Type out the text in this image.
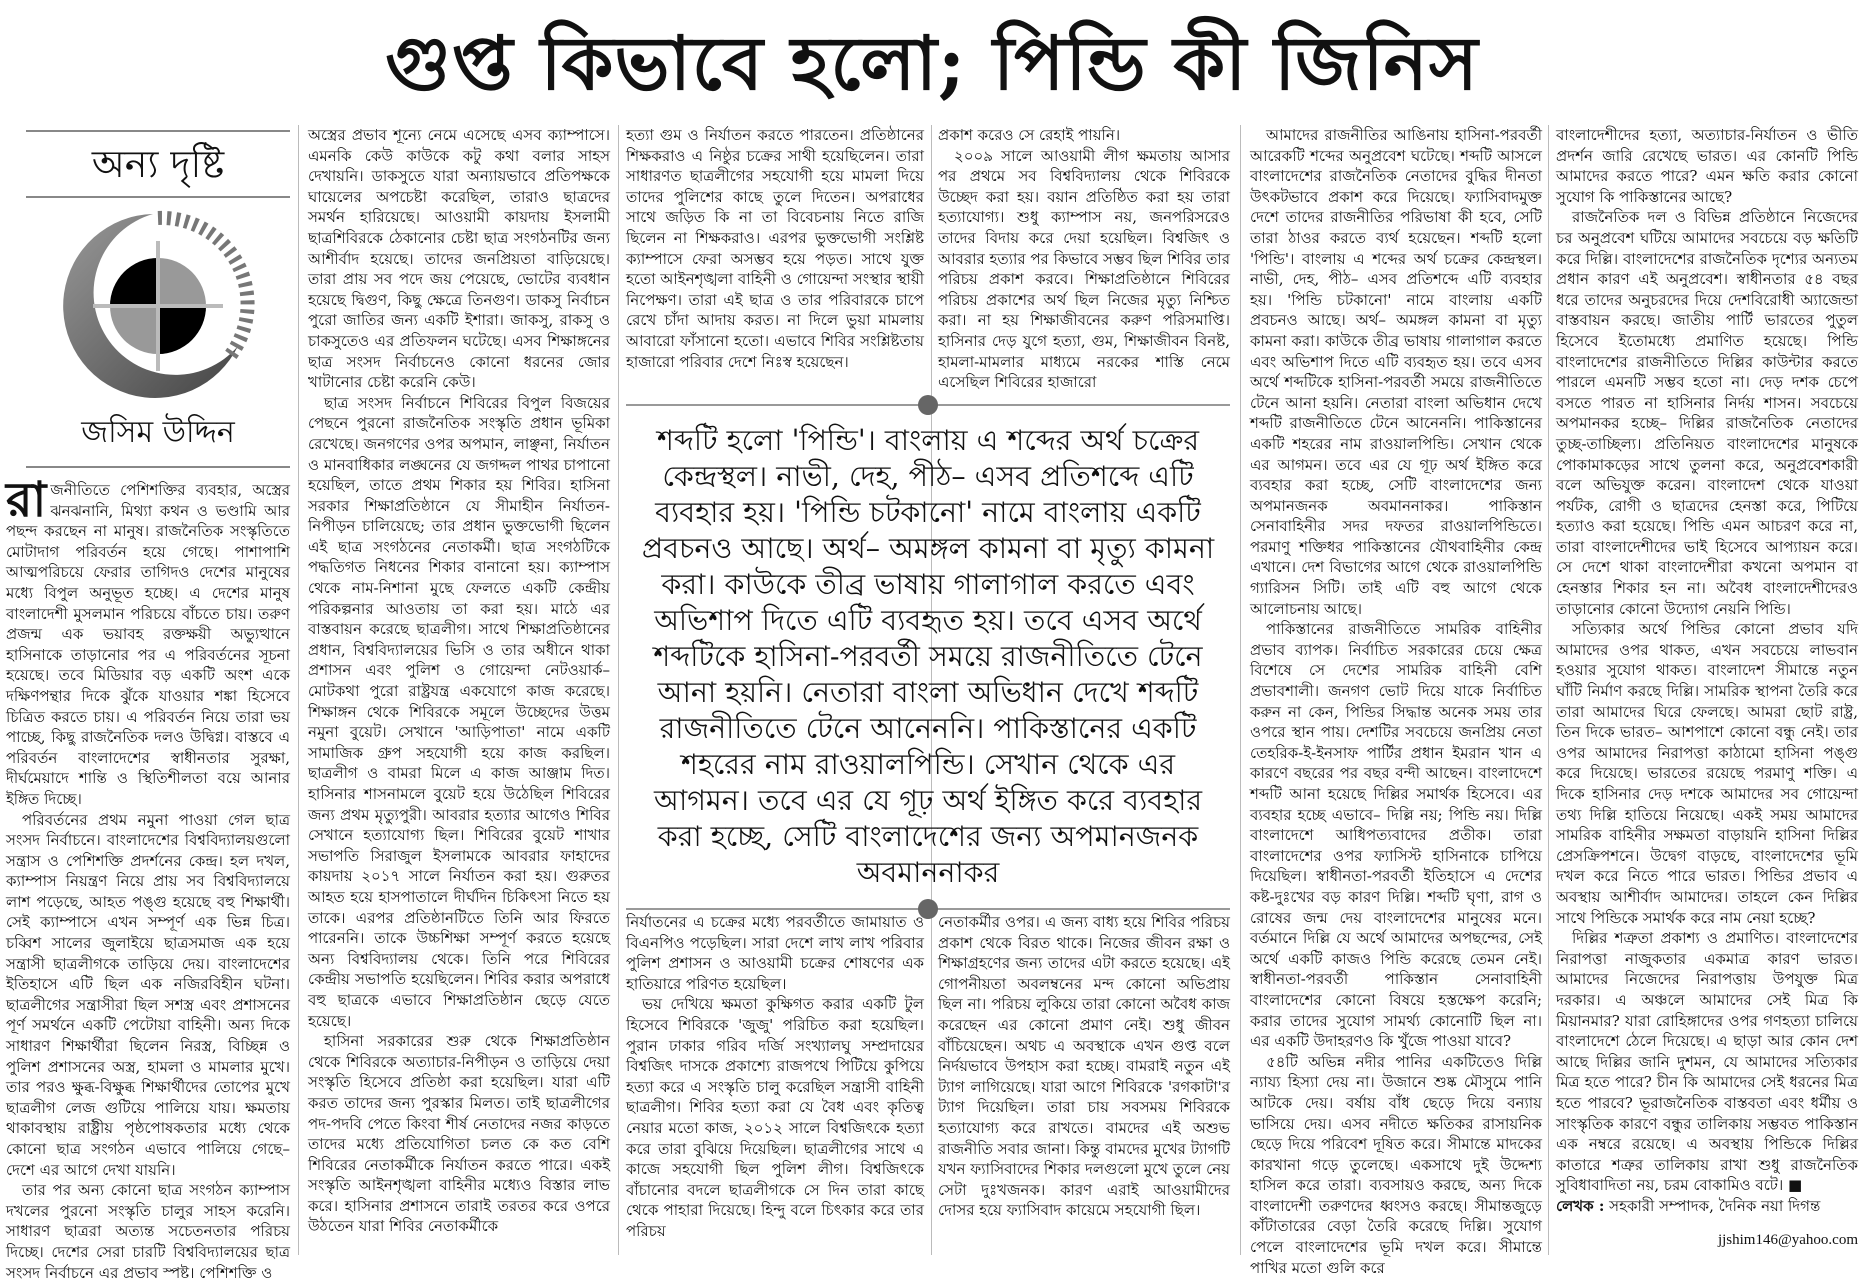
গুপ্ত কিভাবে হলো; পিন্ডি কী জিনিস
অন্য দৃষ্টি
জসিম উদ্দিন

রাজনীতিতে পেশিশক্তির ব্যবহার, অস্ত্রের ঝনঝনানি, মিথ্যা কথন ও ভণ্ডামি আর পছন্দ করছেন না মানুষ। রাজনৈতিক সংস্কৃতিতে মোটাদাগ পরিবর্তন হয়ে গেছে। পাশাপাশি আত্মপরিচয়ে ফেরার তাগিদও দেশের মানুষের মধ্যে বিপুল অনুভূত হচ্ছে। এ দেশের মানুষ বাংলাদেশী মুসলমান পরিচয়ে বাঁচতে চায়। তরুণ প্রজন্ম এক ভয়াবহ রক্তক্ষয়ী অভ্যুত্থানে হাসিনাকে তাড়ানোর পর এ পরিবর্তনের সূচনা হয়েছে। তবে মিডিয়ার বড় একটি অংশ একে দক্ষিণপন্থার দিকে ঝুঁকে যাওয়ার শঙ্কা হিসেবে চিত্রিত করতে চায়। এ পরিবর্তন নিয়ে তারা ভয় পাচ্ছে, কিছু রাজনৈতিক দলও উদ্বিগ্ন। বাস্তবে এ পরিবর্তন বাংলাদেশের স্বাধীনতার সুরক্ষা, দীর্ঘমেয়াদে শান্তি ও স্থিতিশীলতা বয়ে আনার ইঙ্গিত দিচ্ছে।

পরিবর্তনের প্রথম নমুনা পাওয়া গেল ছাত্র সংসদ নির্বাচনে। বাংলাদেশের বিশ্ববিদ্যালয়গুলো সন্ত্রাস ও পেশিশক্তি প্রদর্শনের কেন্দ্র। হল দখল, ক্যাম্পাস নিয়ন্ত্রণ নিয়ে প্রায় সব বিশ্ববিদ্যালয়ে লাশ পড়েছে, আহত পঙ্গু হয়েছে বহু শিক্ষার্থী। সেই ক্যাম্পাসে এখন সম্পূর্ণ এক ভিন্ন চিত্র। চব্বিশ সালের জুলাইয়ে ছাত্রসমাজ এক হয়ে সন্ত্রাসী ছাত্রলীগকে তাড়িয়ে দেয়। বাংলাদেশের ইতিহাসে এটি ছিল এক নজিরবিহীন ঘটনা। ছাত্রলীগের সন্ত্রাসীরা ছিল সশস্ত্র এবং প্রশাসনের পূর্ণ সমর্থনে একটি পেটোয়া বাহিনী। অন্য দিকে সাধারণ শিক্ষার্থীরা ছিলেন নিরস্ত্র, বিচ্ছিন্ন ও পুলিশ প্রশাসনের অস্ত্র, হামলা ও মামলার মুখে। তার পরও ক্ষুব্ধ-বিক্ষুব্ধ শিক্ষার্থীদের তোপের মুখে ছাত্রলীগ লেজ গুটিয়ে পালিয়ে যায়। ক্ষমতায় থাকাবস্থায় রাষ্ট্রীয় পৃষ্ঠপোষকতার মধ্যে থেকে কোনো ছাত্র সংগঠন এভাবে পালিয়ে গেছে– দেশে এর আগে দেখা যায়নি।

তার পর অন্য কোনো ছাত্র সংগঠন ক্যাম্পাস দখলের পুরনো সংস্কৃতি চালুর সাহস করেনি। সাধারণ ছাত্ররা অত্যন্ত সচেতনতার পরিচয় দিচ্ছে। দেশের সেরা চারটি বিশ্ববিদ্যালয়ের ছাত্র সংসদ নির্বাচনে এর প্রভাব স্পষ্ট। পেশিশক্তি ও

অস্ত্রের প্রভাব শূন্যে নেমে এসেছে এসব ক্যাম্পাসে। এমনকি কেউ কাউকে কটু কথা বলার সাহস দেখায়নি। ডাকসুতে যারা অন্যায়ভাবে প্রতিপক্ষকে ঘায়েলের অপচেষ্টা করেছিল, তারাও ছাত্রদের সমর্থন হারিয়েছে। আওয়ামী কায়দায় ইসলামী ছাত্রশিবিরকে ঠেকানোর চেষ্টা ছাত্র সংগঠনটির জন্য আশীর্বাদ হয়েছে। তাদের জনপ্রিয়তা বাড়িয়েছে। তারা প্রায় সব পদে জয় পেয়েছে, ভোটের ব্যবধান হয়েছে দ্বিগুণ, কিছু ক্ষেত্রে তিনগুণ। ডাকসু নির্বাচন পুরো জাতির জন্য একটি ইশারা। জাকসু, রাকসু ও চাকসুতেও এর প্রতিফলন ঘটেছে। এসব শিক্ষাঙ্গনের ছাত্র সংসদ নির্বাচনেও কোনো ধরনের জোর খাটানোর চেষ্টা করেনি কেউ।

ছাত্র সংসদ নির্বাচনে শিবিরের বিপুল বিজয়ের পেছনে পুরনো রাজনৈতিক সংস্কৃতি প্রধান ভূমিকা রেখেছে। জনগণের ওপর অপমান, লাঞ্ছনা, নির্যাতন ও মানবাধিকার লঙ্ঘনের যে জগদ্দল পাথর চাপানো হয়েছিল, তাতে প্রথম শিকার হয় শিবির। হাসিনা সরকার শিক্ষাপ্রতিষ্ঠানে যে সীমাহীন নির্যাতন-নিপীড়ন চালিয়েছে; তার প্রধান ভুক্তভোগী ছিলেন এই ছাত্র সংগঠনের নেতাকর্মী। ছাত্র সংগঠটিকে পদ্ধতিগত নিধনের শিকার বানানো হয়। ক্যাম্পাস থেকে নাম-নিশানা মুছে ফেলতে একটি কেন্দ্রীয় পরিকল্পনার আওতায় তা করা হয়। মাঠে এর বাস্তবায়ন করেছে ছাত্রলীগ। সাথে শিক্ষাপ্রতিষ্ঠানের প্রধান, বিশ্ববিদ্যালয়ের ভিসি ও তার অধীনে থাকা প্রশাসন এবং পুলিশ ও গোয়েন্দা নেটওয়ার্ক– মোটকথা পুরো রাষ্ট্রযন্ত্র একযোগে কাজ করেছে। শিক্ষাঙ্গন থেকে শিবিরকে সমূলে উচ্ছেদের উত্তম নমুনা বুয়েট। সেখানে 'আড়িপাতা' নামে একটি সামাজিক গ্রুপ সহযোগী হয়ে কাজ করছিল। ছাত্রলীগ ও বামরা মিলে এ কাজ আঞ্জাম দিত। হাসিনার শাসনামলে বুয়েট হয়ে উঠেছিল শিবিরের জন্য প্রথম মৃত্যুপুরী। আবরার হত্যার আগেও শিবির সেখানে হত্যাযোগ্য ছিল। শিবিরের বুয়েট শাখার সভাপতি সিরাজুল ইসলামকে আবরার ফাহাদের কায়দায় ২০১৭ সালে নির্যাতন করা হয়। গুরুতর আহত হয়ে হাসপাতালে দীর্ঘদিন চিকিৎসা নিতে হয় তাকে। এরপর প্রতিষ্ঠানটিতে তিনি আর ফিরতে পারেননি। তাকে উচ্চশিক্ষা সম্পূর্ণ করতে হয়েছে অন্য বিশ্ববিদ্যালয় থেকে। তিনি পরে শিবিরের কেন্দ্রীয় সভাপতি হয়েছিলেন। শিবির করার অপরাধে বহু ছাত্রকে এভাবে শিক্ষাপ্রতিষ্ঠান ছেড়ে যেতে হয়েছে।

হাসিনা সরকারের শুরু থেকে শিক্ষাপ্রতিষ্ঠান থেকে শিবিরকে অত্যাচার-নিপীড়ন ও তাড়িয়ে দেয়া সংস্কৃতি হিসেবে প্রতিষ্ঠা করা হয়েছিল। যারা এটি করত তাদের জন্য পুরস্কার মিলত। তাই ছাত্রলীগের পদ-পদবি পেতে কিংবা শীর্ষ নেতাদের নজর কাড়তে তাদের মধ্যে প্রতিযোগিতা চলত কে কত বেশি শিবিরের নেতাকর্মীকে নির্যাতন করতে পারে। একই সংস্কৃতি আইনশৃঙ্খলা বাহিনীর মধ্যেও বিস্তার লাভ করে। হাসিনার প্রশাসনে তারাই তরতর করে ওপরে উঠতেন যারা শিবির নেতাকর্মীকে

হত্যা গুম ও নির্যাতন করতে পারতেন। প্রতিষ্ঠানের শিক্ষকরাও এ নিষ্ঠুর চক্রের সাথী হয়েছিলেন। তারা সাধারণত ছাত্রলীগের সহযোগী হয়ে মামলা দিয়ে তাদের পুলিশের কাছে তুলে দিতেন। অপরাধের সাথে জড়িত কি না তা বিবেচনায় নিতে রাজি ছিলেন না শিক্ষকরাও। এরপর ভুক্তভোগী সংশ্লিষ্ট ক্যাম্পাসে ফেরা অসম্ভব হয়ে পড়ত। সাথে যুক্ত হতো আইনশৃঙ্খলা বাহিনী ও গোয়েন্দা সংস্থার স্থায়ী নিপেক্ষণ। তারা এই ছাত্র ও তার পরিবারকে চাপে রেখে চাঁদা আদায় করত। না দিলে ভুয়া মামলায় আবারো ফাঁসানো হতো। এভাবে শিবির সংশ্লিষ্টতায় হাজারো পরিবার দেশে নিঃস্ব হয়েছেন।

প্রকাশ করেও সে রেহাই পায়নি।

২০০৯ সালে আওয়ামী লীগ ক্ষমতায় আসার পর প্রথমে সব বিশ্ববিদ্যালয় থেকে শিবিরকে উচ্ছেদ করা হয়। বয়ান প্রতিষ্ঠিত করা হয় তারা হত্যাযোগ্য। শুধু ক্যাম্পাস নয়, জনপরিসরেও তাদের বিদায় করে দেয়া হয়েছিল। বিশ্বজিৎ ও আবরার হত্যার পর কিভাবে সম্ভব ছিল শিবির তার পরিচয় প্রকাশ করবে। শিক্ষাপ্রতিষ্ঠানে শিবিরের পরিচয় প্রকাশের অর্থ ছিল নিজের মৃত্যু নিশ্চিত করা। না হয় শিক্ষাজীবনের করুণ পরিসমাপ্তি। হাসিনার দেড় যুগে হত্যা, গুম, শিক্ষাজীবন বিনষ্ট, হামলা-মামলার মাধ্যমে নরকের শাস্তি নেমে এসেছিল শিবিরের হাজারো

শব্দটি হলো 'পিন্ডি'। বাংলায় এ শব্দের অর্থ চক্রের কেন্দ্রস্থল। নাভী, দেহ, পীঠ– এসব প্রতিশব্দে এটি ব্যবহার হয়। 'পিন্ডি চটকানো' নামে বাংলায় একটি প্রবচনও আছে। অর্থ– অমঙ্গল কামনা বা মৃত্যু কামনা করা। কাউকে তীব্র ভাষায় গালাগাল করতে এবং অভিশাপ দিতে এটি ব্যবহৃত হয়। তবে এসব অর্থে শব্দটিকে হাসিনা-পরবর্তী সময়ে রাজনীতিতে টেনে আনা হয়নি। নেতারা বাংলা অভিধান দেখে শব্দটি রাজনীতিতে টেনে আনেননি। পাকিস্তানের একটি শহরের নাম রাওয়ালপিন্ডি। সেখান থেকে এর আগমন। তবে এর যে গূঢ় অর্থ ইঙ্গিত করে ব্যবহার করা হচ্ছে, সেটি বাংলাদেশের জন্য অপমানজনক অবমাননাকর

নির্যাতনের এ চক্রের মধ্যে পরবর্তীতে জামায়াত ও বিএনপিও পড়েছিল। সারা দেশে লাখ লাখ পরিবার পুলিশ প্রশাসন ও আওয়ামী চক্রের শোষণের এক হাতিয়ারে পরিণত হয়েছিল।

ভয় দেখিয়ে ক্ষমতা কুক্ষিগত করার একটি টুল হিসেবে শিবিরকে 'জুজু' পরিচিত করা হয়েছিল। পুরান ঢাকার গরিব দর্জি সংখ্যালঘু সম্প্রদায়ের বিশ্বজিৎ দাসকে প্রকাশ্যে রাজপথে পিটিয়ে কুপিয়ে হত্যা করে এ সংস্কৃতি চালু করেছিল সন্ত্রাসী বাহিনী ছাত্রলীগ। শিবির হত্যা করা যে বৈধ এবং কৃতিত্ব নেয়ার মতো কাজ, ২০১২ সালে বিশ্বজিৎকে হত্যা করে তারা বুঝিয়ে দিয়েছিল। ছাত্রলীগের সাথে এ কাজে সহযোগী ছিল পুলিশ লীগ। বিশ্বজিৎকে বাঁচানোর বদলে ছাত্রলীগকে সে দিন তারা কাছে থেকে পাহারা দিয়েছে। হিন্দু বলে চিৎকার করে তার পরিচয়

নেতাকর্মীর ওপর। এ জন্য বাধ্য হয়ে শিবির পরিচয় প্রকাশ থেকে বিরত থাকে। নিজের জীবন রক্ষা ও শিক্ষাগ্রহণের জন্য তাদের এটা করতে হয়েছে। এই গোপনীয়তা অবলম্বনের মন্দ কোনো অভিপ্রায় ছিল না। পরিচয় লুকিয়ে তারা কোনো অবৈধ কাজ করেছেন এর কোনো প্রমাণ নেই। শুধু জীবন বাঁচিয়েছেন। অথচ এ অবস্থাকে এখন গুপ্ত বলে নির্দয়ভাবে উপহাস করা হচ্ছে। বামরাই নতুন এই ট্যাগ লাগিয়েছে। যারা আগে শিবিরকে 'রগকাটা'র ট্যাগ দিয়েছিল। তারা চায় সবসময় শিবিরকে হত্যাযোগ্য করে রাখতে। বামদের এই অশুভ রাজনীতি সবার জানা। কিন্তু বামদের মুখের ট্যাগটি যখন ফ্যাসিবাদের শিকার দলগুলো মুখে তুলে নেয় সেটা দুঃখজনক। কারণ এরাই আওয়ামীদের দোসর হয়ে ফ্যাসিবাদ কায়েমে সহযোগী ছিল।

আমাদের রাজনীতির আঙিনায় হাসিনা-পরবর্তী আরেকটি শব্দের অনুপ্রবেশ ঘটেছে। শব্দটি আসলে বাংলাদেশের রাজনৈতিক নেতাদের বুদ্ধির দীনতা উৎকটভাবে প্রকাশ করে দিয়েছে। ফ্যাসিবাদমুক্ত দেশে তাদের রাজনীতির পরিভাষা কী হবে, সেটি তারা ঠাওর করতে ব্যর্থ হয়েছেন। শব্দটি হলো 'পিন্ডি'। বাংলায় এ শব্দের অর্থ চক্রের কেন্দ্রস্থল। নাভী, দেহ, পীঠ– এসব প্রতিশব্দে এটি ব্যবহার হয়। 'পিন্ডি চটকানো' নামে বাংলায় একটি প্রবচনও আছে। অর্থ– অমঙ্গল কামনা বা মৃত্যু কামনা করা। কাউকে তীব্র ভাষায় গালাগাল করতে এবং অভিশাপ দিতে এটি ব্যবহৃত হয়। তবে এসব অর্থে শব্দটিকে হাসিনা-পরবর্তী সময়ে রাজনীতিতে টেনে আনা হয়নি। নেতারা বাংলা অভিধান দেখে শব্দটি রাজনীতিতে টেনে আনেননি। পাকিস্তানের একটি শহরের নাম রাওয়ালপিন্ডি। সেখান থেকে এর আগমন। তবে এর যে গূঢ় অর্থ ইঙ্গিত করে ব্যবহার করা হচ্ছে, সেটি বাংলাদেশের জন্য অপমানজনক অবমাননাকর। পাকিস্তান সেনাবাহিনীর সদর দফতর রাওয়ালপিন্ডিতে। পরমাণু শক্তিধর পাকিস্তানের যৌথবাহিনীর কেন্দ্র এখানে। দেশ বিভাগের আগে থেকে রাওয়ালপিন্ডি গ্যারিসন সিটি। তাই এটি বহু আগে থেকে আলোচনায় আছে।

পাকিস্তানের রাজনীতিতে সামরিক বাহিনীর প্রভাব ব্যাপক। নির্বাচিত সরকারের চেয়ে ক্ষেত্র বিশেষে সে দেশের সামরিক বাহিনী বেশি প্রভাবশালী। জনগণ ভোট দিয়ে যাকে নির্বাচিত করুন না কেন, পিন্ডির সিদ্ধান্ত অনেক সময় তার ওপরে স্থান পায়। দেশটির সবচেয়ে জনপ্রিয় নেতা তেহরিক-ই-ইনসাফ পার্টির প্রধান ইমরান খান এ কারণে বছরের পর বছর বন্দী আছেন। বাংলাদেশে শব্দটি আনা হয়েছে দিল্লির সমার্থক হিসেবে। এর ব্যবহার হচ্ছে এভাবে– দিল্লি নয়; পিন্ডি নয়। দিল্লি বাংলাদেশে আধিপত্যবাদের প্রতীক। তারা বাংলাদেশের ওপর ফ্যাসিস্ট হাসিনাকে চাপিয়ে দিয়েছিল। স্বাধীনতা-পরবর্তী ইতিহাসে এ দেশের কষ্ট-দুঃখের বড় কারণ দিল্লি। শব্দটি ঘৃণা, রাগ ও রোষের জন্ম দেয় বাংলাদেশের মানুষের মনে। বর্তমানে দিল্লি যে অর্থে আমাদের অপছন্দের, সেই অর্থে একটি কাজও পিন্ডি করেছে তেমন নেই। স্বাধীনতা-পরবর্তী পাকিস্তান সেনাবাহিনী বাংলাদেশের কোনো বিষয়ে হস্তক্ষেপ করেনি; করার তাদের সুযোগ সামর্থ্য কোনোটি ছিল না। এর একটি উদাহরণও কি খুঁজে পাওয়া যাবে?

৫৪টি অভিন্ন নদীর পানির একটিতেও দিল্লি ন্যায্য হিস্যা দেয় না। উজানে শুষ্ক মৌসুমে পানি আটকে দেয়। বর্ষায় বাঁধ ছেড়ে দিয়ে বন্যায় ভাসিয়ে দেয়। এসব নদীতে ক্ষতিকর রাসায়নিক ছেড়ে দিয়ে পরিবেশ দূষিত করে। সীমান্তে মাদকের কারখানা গড়ে তুলেছে। একসাথে দুই উদ্দেশ্য হাসিল করে তারা। ব্যবসায়ও করছে, অন্য দিকে বাংলাদেশী তরুণদের ধ্বংসও করছে। সীমান্তজুড়ে কাঁটাতারের বেড়া তৈরি করেছে দিল্লি। সুযোগ পেলে বাংলাদেশের ভূমি দখল করে। সীমান্তে পাখির মতো গুলি করে

বাংলাদেশীদের হত্যা, অত্যাচার-নির্যাতন ও ভীতি প্রদর্শন জারি রেখেছে ভারত। এর কোনটি পিন্ডি আমাদের করতে পারে? এমন ক্ষতি করার কোনো সুযোগ কি পাকিস্তানের আছে?

রাজনৈতিক দল ও বিভিন্ন প্রতিষ্ঠানে নিজেদের চর অনুপ্রবেশ ঘটিয়ে আমাদের সবচেয়ে বড় ক্ষতিটি করে দিল্লি। বাংলাদেশের রাজনৈতিক দৃশ্যের অন্যতম প্রধান কারণ এই অনুপ্রবেশ। স্বাধীনতার ৫৪ বছর ধরে তাদের অনুচরদের দিয়ে দেশবিরোধী অ্যাজেন্ডা বাস্তবায়ন করছে। জাতীয় পার্টি ভারতের পুতুল হিসেবে ইতোমধ্যে প্রমাণিত হয়েছে। পিন্ডি বাংলাদেশের রাজনীতিতে দিল্লির কাউন্টার করতে পারলে এমনটি সম্ভব হতো না। দেড় দশক চেপে বসতে পারত না হাসিনার নির্দয় শাসন। সবচেয়ে অপমানকর হচ্ছে– দিল্লির রাজনৈতিক নেতাদের তুচ্ছ-তাচ্ছিল্য। প্রতিনিয়ত বাংলাদেশের মানুষকে পোকামাকড়ের সাথে তুলনা করে, অনুপ্রবেশকারী বলে অভিযুক্ত করেন। বাংলাদেশ থেকে যাওয়া পর্যটক, রোগী ও ছাত্রদের হেনস্তা করে, পিটিয়ে হত্যাও করা হয়েছে। পিন্ডি এমন আচরণ করে না, তারা বাংলাদেশীদের ভাই হিসেবে আপ্যায়ন করে। সে দেশে থাকা বাংলাদেশীরা কখনো অপমান বা হেনস্তার শিকার হন না। অবৈধ বাংলাদেশীদেরও তাড়ানোর কোনো উদ্যোগ নেয়নি পিন্ডি।

সত্যিকার অর্থে পিন্ডির কোনো প্রভাব যদি আমাদের ওপর থাকত, এখন সবচেয়ে লাভবান হওয়ার সুযোগ থাকত। বাংলাদেশ সীমান্তে নতুন ঘাঁটি নির্মাণ করছে দিল্লি। সামরিক স্থাপনা তৈরি করে তারা আমাদের ঘিরে ফেলছে। আমরা ছোট রাষ্ট্র, তিন দিকে ভারত– আশপাশে কোনো বন্ধু নেই। তার ওপর আমাদের নিরাপত্তা কাঠামো হাসিনা পঙ্গু করে দিয়েছে। ভারতের রয়েছে পরমাণু শক্তি। এ দিকে হাসিনার দেড় দশকে আমাদের সব গোয়েন্দা তথ্য দিল্লি হাতিয়ে নিয়েছে। একই সময় আমাদের সামরিক বাহিনীর সক্ষমতা বাড়ায়নি হাসিনা দিল্লির প্রেসক্রিপশনে। উদ্বেগ বাড়ছে, বাংলাদেশের ভূমি দখল করে নিতে পারে ভারত। পিন্ডির প্রভাব এ অবস্থায় আশীর্বাদ আমাদের। তাহলে কেন দিল্লির সাথে পিন্ডিকে সমার্থক করে নাম নেয়া হচ্ছে?

দিল্লির শত্রুতা প্রকাশ্য ও প্রমাণিত। বাংলাদেশের নিরাপত্তা নাজুকতার একমাত্র কারণ ভারত। আমাদের নিজেদের নিরাপত্তায় উপযুক্ত মিত্র দরকার। এ অঞ্চলে আমাদের সেই মিত্র কি মিয়ানমার? যারা রোহিঙ্গাদের ওপর গণহত্যা চালিয়ে বাংলাদেশে ঠেলে দিয়েছে। এ ছাড়া আর কোন দেশ আছে দিল্লির জানি দুশমন, যে আমাদের সত্যিকার মিত্র হতে পারে? চীন কি আমাদের সেই ধরনের মিত্র হতে পারবে? ভূরাজনৈতিক বাস্তবতা এবং ধর্মীয় ও সাংস্কৃতিক কারণে বন্ধুর তালিকায় সম্ভবত পাকিস্তান এক নম্বরে রয়েছে। এ অবস্থায় পিন্ডিকে দিল্লির কাতারে শত্রুর তালিকায় রাখা শুধু রাজনৈতিক সুবিধাবাদিতা নয়, চরম বোকামিও বটে। ■

লেখক : সহকারী সম্পাদক, দৈনিক নয়া দিগন্ত

jjshim146@yahoo.com
